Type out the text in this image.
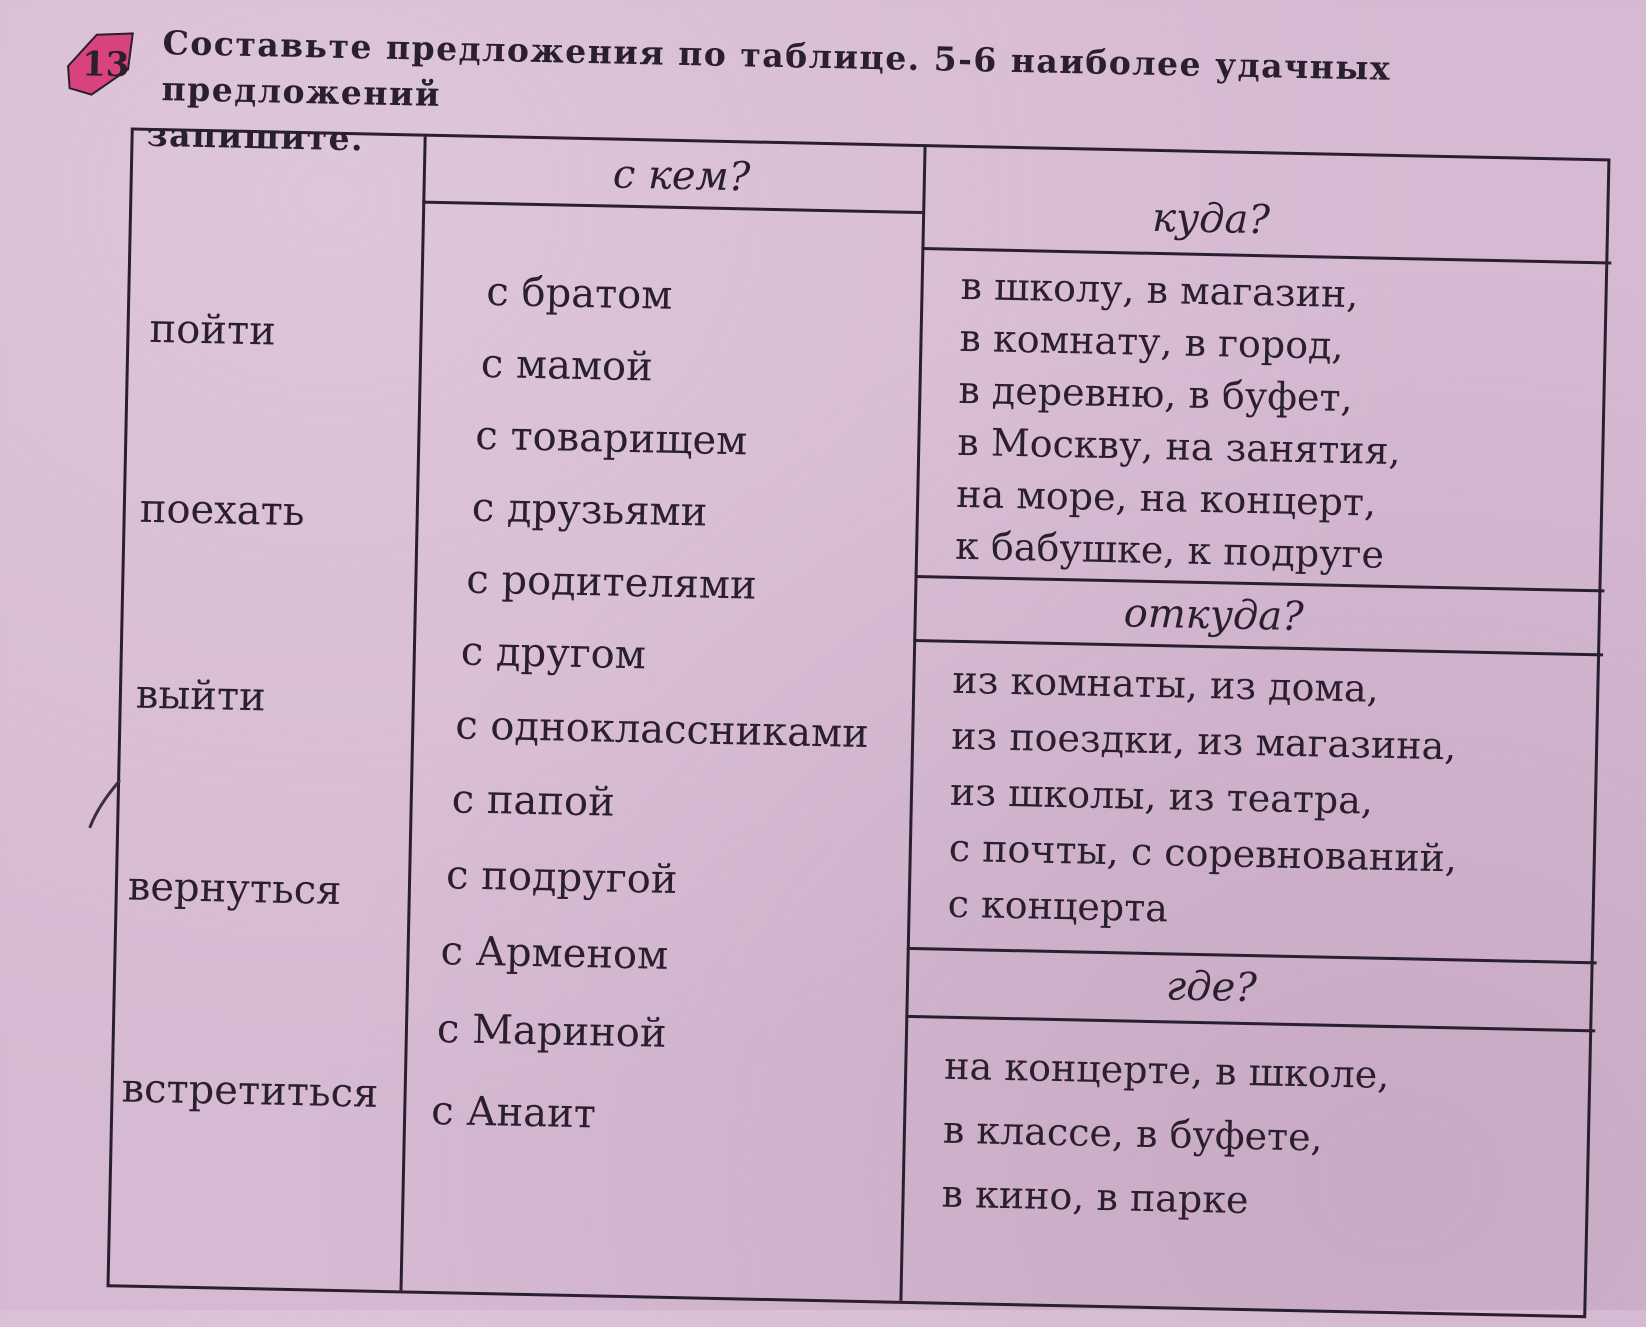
13 Составьте предложения по таблице. 5-6 наиболее удачных предложений
запишите.
пойти
поехать
выйти
вернуться
встретиться
с кем?
с братом
с мамой
с товарищем
с друзьями
с родителями
с другом
с одноклассниками
с папой
с подругой
с Арменом
с Мариной
с Анаит
куда?
в школу, в магазин,
в комнату, в город,
в деревню, в буфет,
в Москву, на занятия,
на море, на концерт,
к бабушке, к подруге
откуда?
из комнаты, из дома,
из поездки, из магазина,
из школы, из театра,
с почты, с соревнований,
с концерта
где?
на концерте, в школе,
в классе, в буфете,
в кино, в парке
